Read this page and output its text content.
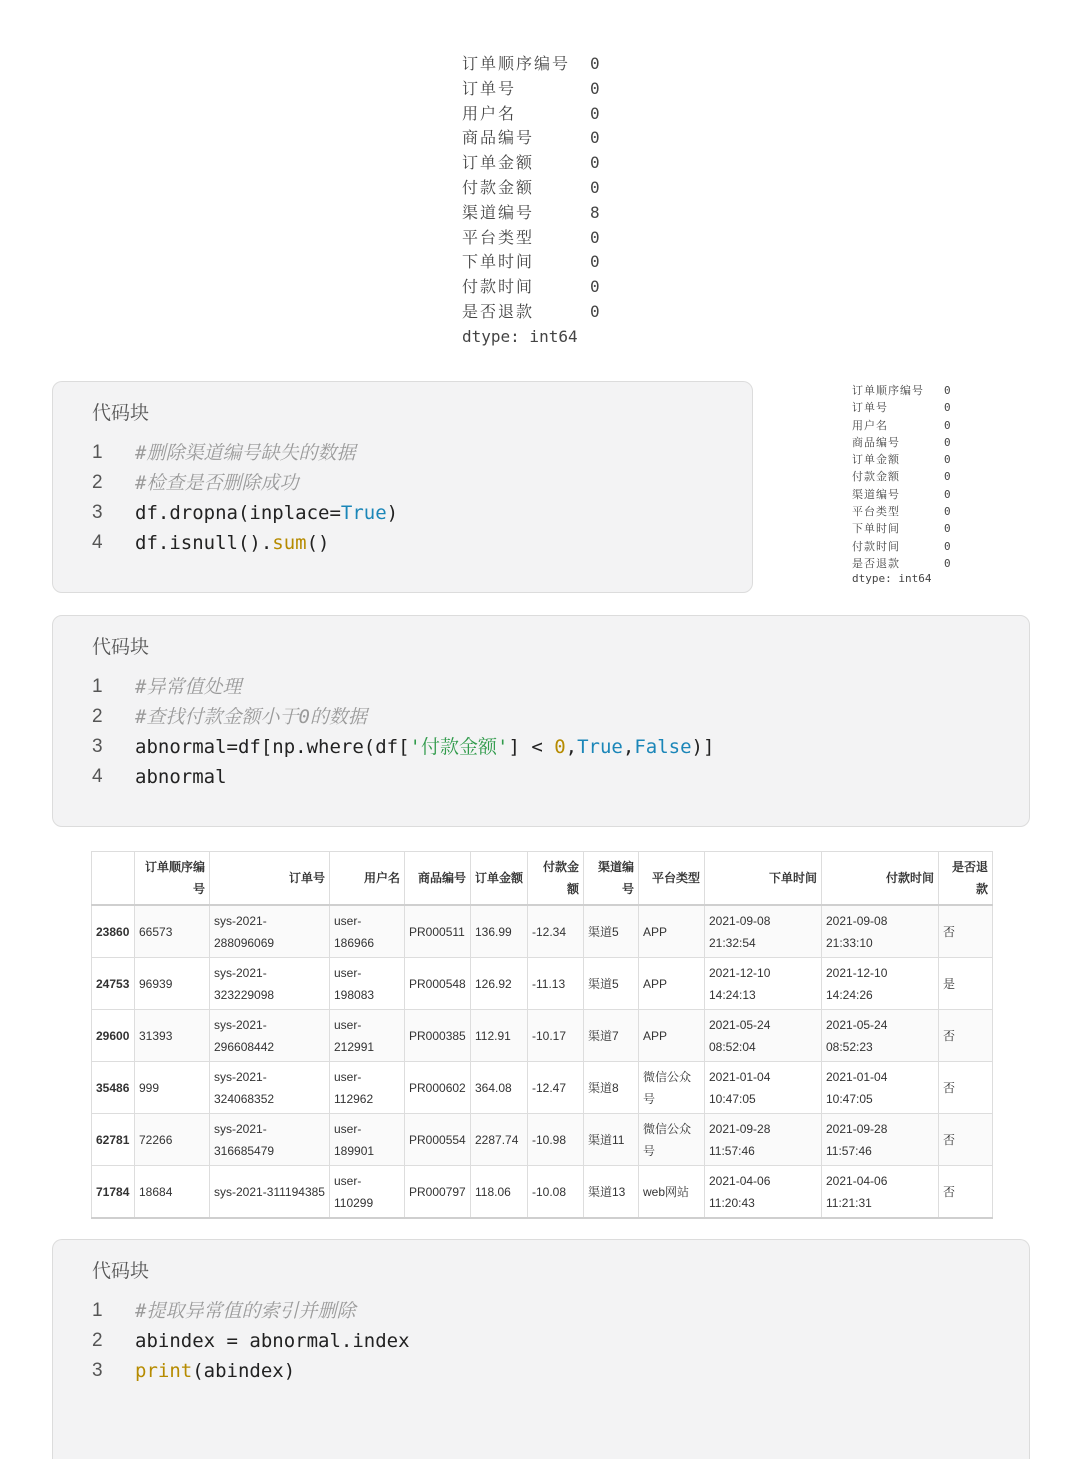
订单顺序编号	0
订单号	0
用户名	0
商品编号	0
订单金额	0
付款金额	0
渠道编号	8
平台类型	0
下单时间	0
付款时间	0
是否退款	0
dtype: int64
订单顺序编号	0
订单号	0
用户名	0
商品编号	0
订单金额	0
付款金额	0
渠道编号	0
平台类型	0
下单时间	0
付款时间	0
是否退款	0
dtype: int64
代码块
1	#删除渠道编号缺失的数据
2	#检查是否删除成功
3	df.dropna(inplace=True)
4	df.isnull().sum()
代码块
1	#异常值处理
2	#查找付款金额小于0的数据
3	abnormal=df[np.where(df['付款金额'] < 0,True,False)]
4	abnormal
	订单顺序编号	订单号	用户名	商品编号	订单金额	付款金额	渠道编号	平台类型	下单时间	付款时间	是否退款
23860	66573	sys-2021-288096069	user-186966	PR000511	136.99	-12.34	渠道5	APP	2021-09-08 21:32:54	2021-09-08 21:33:10	否
24753	96939	sys-2021-323229098	user-198083	PR000548	126.92	-11.13	渠道5	APP	2021-12-10 14:24:13	2021-12-10 14:24:26	是
29600	31393	sys-2021-296608442	user-212991	PR000385	112.91	-10.17	渠道7	APP	2021-05-24 08:52:04	2021-05-24 08:52:23	否
35486	999	sys-2021-324068352	user-112962	PR000602	364.08	-12.47	渠道8	微信公众号	2021-01-04 10:47:05	2021-01-04 10:47:05	否
62781	72266	sys-2021-316685479	user-189901	PR000554	2287.74	-10.98	渠道11	微信公众号	2021-09-28 11:57:46	2021-09-28 11:57:46	否
71784	18684	sys-2021-311194385	user-110299	PR000797	118.06	-10.08	渠道13	web网站	2021-04-06 11:20:43	2021-04-06 11:21:31	否
代码块
1	#提取异常值的索引并删除
2	abindex = abnormal.index
3	print(abindex)
